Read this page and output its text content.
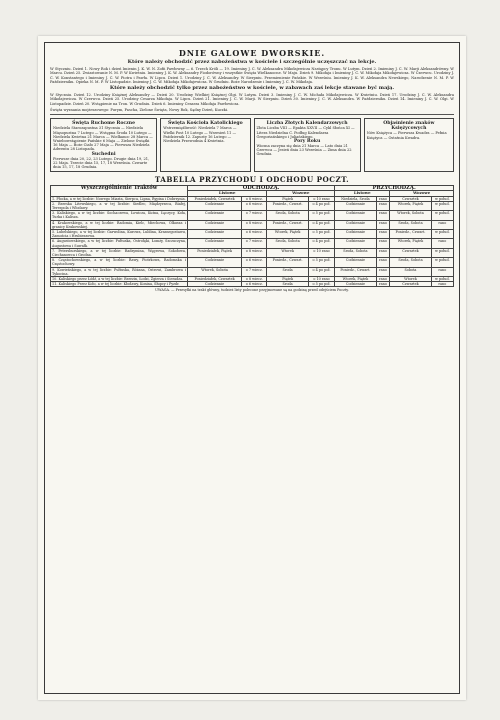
DNIE GALOWE DWORSKIE.
Które należy obchodzić przez nabożeństwa w kościele i szczególnie uczęszczać na lekcje.
W Styczniu. Dzień 1. Nowy Rok i dzień Imienin J. K. W. N. Zofii Pawłowny — 6. Trzech Króli — 19. Imieniny J. C. W. Aleksandra Mikołajewicza Następcy Tronu. W Lutym. Dzień 2. Imieniny J. C. W. Marji Aleksandrówny. W Marcu. Dzień 25. Zwiastowanie N. M. P. W Kwietniu. Imieniny J. K. W. Aleksandry Fiodorówny i wszystkie Święta Wielkanocne. W Maju. Dzień 9. Mikołaja i Imieniny J. C. W. Mikołaja Mikołajewicza. W Czerwcu. Urodziny J. C. W. Konstantego i Imieniny J. C. W. Piotra i Pawła. W Lipcu. Dzień 1. Urodziny J. C. W. Aleksandry. W Sierpniu. Przemienienie Pańskie. W Wrześniu. Imieniny J. K. W. Aleksandra Newskiego, Narodzenie N. M. P. W Październiku. Opieka N. M. P. W Listopadzie. Imieniny J. C. W. Mikołaja Mikołajewicza. W Grudniu. Boże Narodzenie i Imieniny J. C. W. Mikołaja.
Które należy obchodzić tylko przez nabożeństwo w kościele, w zabawach zaś lekcje stawane być mają.
W Styczniu. Dzień 12. Urodziny Księżnej Aleksandry — Dzień 20. Urodziny Wielkiej Księżnej Olgi. W Lutym. Dzień 3. Imieniny J. C. W. Michała Mikołajewicza. W Kwietniu. Dzień 17. Urodziny J. C. W. Aleksandra Mikołajewicza. W Czerwcu. Dzień 25. Urodziny Cesarza Mikołaja. W Lipcu. Dzień 21. Imieniny J. C. W. Marji. W Sierpniu. Dzień 30. Imieniny J. C. W. Aleksandra. W Październiku. Dzień 14. Imieniny J. C. W. Olgi. W Listopadzie. Dzień 20. Wstąpienie na Tron. W Grudniu. Dzień 6. Imieniny Cesarza Mikołaja Pawłowicza.
Święta wyznania mojżeszowego: Purym, Pascha, Zielone Święta, Nowy Rok, Sądny Dzień, Kuczki.
Święta Ruchome Roczne
Niedziela Starozapustna 31 Stycznia — Niedziela Mięsopustna 7 Lutego — Wstępna Środa 10 Lutego — Niedziela Kwietna 21 Marca — Wielkanoc 28 Marca — Wniebowstąpienie Pańskie 6 Maja — Zielone Świątki 16 Maja — Boże Ciało 27 Maja — Pierwsza Niedziela Adwentu 28 Listopada.
Suchedni
Pierwsze dnia 20, 22, 23 Lutego. Drugie dnia 19, 21, 22 Maja. Trzecie dnia 15, 17, 18 Września. Czwarte dnia 15, 17, 18 Grudnia.
Święta Kościoła Katolickiego
Wstrzemięźliwość: Niedziela 7 Marca — Wielki Post 10 Lutego — Wrzesień 11 — Październik 12. Zapusty 16 Lutego — Niedziela Przewodnia 4 Kwietnia.
Liczba Złotych Kalendarzowych
Złota Liczba VIII — Epakta XXVII — Cykl Słońca XI — Litera Niedzielna C. Podług Kalendarza Gregoriańskiego i Juliańskiego.
Pory Roku
Wiosna zaczyna się dnia 21 Marca — Lato dnia 21 Czerwca — Jesień dnia 23 Września — Zima dnia 22 Grudnia.
Objaśnienie znaków Księżycowych
Nów Księżyca — Pierwsza Kwadra — Pełnia Księżyca — Ostatnia Kwadra.
TABELLA PRZYCHODU I ODCHODU POCZT.
Wyszczególnienie Traktów	ODCHODZĄ.				PRZYCHODZĄ.			
	Listowe		Wozowe		Listowe		Wozowe	
1. Płocka, a w tej liczbie: Nowego Miasta, Sierpca, Lipna, Rypina i Dobrzynia.	Poniedziałek, Czwartek	o 8 wiecz.	Piątek	o 10 rano	Niedziela, Środa	rano	Czwartek	w połud.
2. Brzeska Litewskiego, a w tej liczbie: Siedlec, Międzyrzeca, Białej, Terespola i Włodawy.	Codziennie	o 6 wiecz.	Poniedz., Czwart.	o 4 po poł.	Codziennie	rano	Wtorek, Piątek	w połud.
3. Kaliskiego, a w tej liczbie: Sochaczewa, Łowicza, Kutna, Łęczycy, Koła, Turka i Kalisza.	Codziennie	o 7 wiecz.	Środa, Sobota	o 5 po poł.	Codziennie	rano	Wtorek, Sobota	w połud.
4. Krakowskiego, a w tej liczbie: Radomia, Kielc, Miechowa, Olkusza i granicy Krakowskiej.	Codziennie	o 8 wiecz.	Poniedz., Czwart.	o 4 po poł.	Codziennie	rano	Środa, Sobota	rano
5. Lubelskiego, a w tej liczbie: Garwolina, Kurowa, Lublina, Krasnegostawu, Zamościa i Hrubieszowa.	Codziennie	o 6 wiecz.	Wtorek, Piątek	o 5 po poł.	Codziennie	rano	Poniedz., Czwart.	w połud.
6. Augustowskiego, a w tej liczbie: Pułtuska, Ostrołęki, Łomży, Szczuczyna, Augustowa i Suwałk.	Codziennie	o 7 wiecz.	Środa, Sobota	o 4 po poł.	Codziennie	rano	Wtorek, Piątek	rano
7. Petersburskiego, a w tej liczbie: Radzymina, Węgrowa, Sokołowa, Ciechanowca i Grodna.	Poniedziałek, Piątek	o 8 wiecz.	Wtorek	o 10 rano	Środa, Sobota	rano	Czwartek	w połud.
8. Częstochowskiego, a w tej liczbie: Rawy, Piotrkowa, Radomska i Częstochowy.	Codziennie	o 6 wiecz.	Poniedz., Czwart.	o 5 po poł.	Codziennie	rano	Środa, Sobota	w połud.
9. Kowieńskiego, a w tej liczbie: Pułtuska, Różana, Ostrowi, Zambrowa i Tykocina.	Wtorek, Sobota	o 7 wiecz.	Środa	o 4 po poł.	Poniedz., Czwart.	rano	Sobota	rano
10. Kaliskiego przez Łódź, a w tej liczbie: Brzezin, Łodzi, Zgierza i Sieradza.	Poniedziałek, Czwartek	o 8 wiecz.	Piątek	o 10 rano	Wtorek, Piątek	rano	Wtorek	w połud.
11. Kaliskiego Przez Koło, a w tej liczbie: Kłodawy, Konina, Słupcy i Pyzdr.	Codziennie	o 6 wiecz.	Środa	o 5 po poł.	Codziennie	rano	Czwartek	rano
UWAGA. — Przesyłki na trakt główny, tudzież listy polecone przyjmowane są na godzinę przed odejściem Poczty.
